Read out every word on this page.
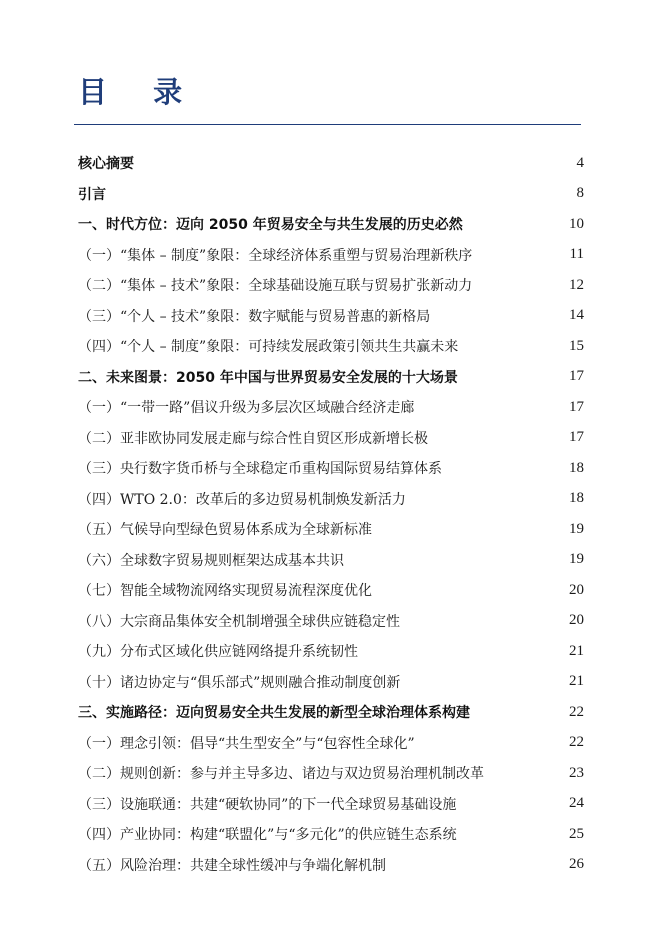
目 录
核心摘要	4
引言	8
一、时代方位：迈向 2050 年贸易安全与共生发展的历史必然	10
（一）“集体 – 制度”象限：全球经济体系重塑与贸易治理新秩序	11
（二）“集体 – 技术”象限：全球基础设施互联与贸易扩张新动力	12
（三）“个人 – 技术”象限：数字赋能与贸易普惠的新格局	14
（四）“个人 – 制度”象限：可持续发展政策引领共生共赢未来	15
二、未来图景：2050 年中国与世界贸易安全发展的十大场景	17
（一）“一带一路”倡议升级为多层次区域融合经济走廊	17
（二）亚非欧协同发展走廊与综合性自贸区形成新增长极	17
（三）央行数字货币桥与全球稳定币重构国际贸易结算体系	18
（四）WTO 2.0：改革后的多边贸易机制焕发新活力	18
（五）气候导向型绿色贸易体系成为全球新标准	19
（六）全球数字贸易规则框架达成基本共识	19
（七）智能全域物流网络实现贸易流程深度优化	20
（八）大宗商品集体安全机制增强全球供应链稳定性	20
（九）分布式区域化供应链网络提升系统韧性	21
（十）诸边协定与“俱乐部式”规则融合推动制度创新	21
三、实施路径：迈向贸易安全共生发展的新型全球治理体系构建	22
（一）理念引领：倡导“共生型安全”与“包容性全球化”	22
（二）规则创新：参与并主导多边、诸边与双边贸易治理机制改革	23
（三）设施联通：共建“硬软协同”的下一代全球贸易基础设施	24
（四）产业协同：构建“联盟化”与“多元化”的供应链生态系统	25
（五）风险治理：共建全球性缓冲与争端化解机制	26
